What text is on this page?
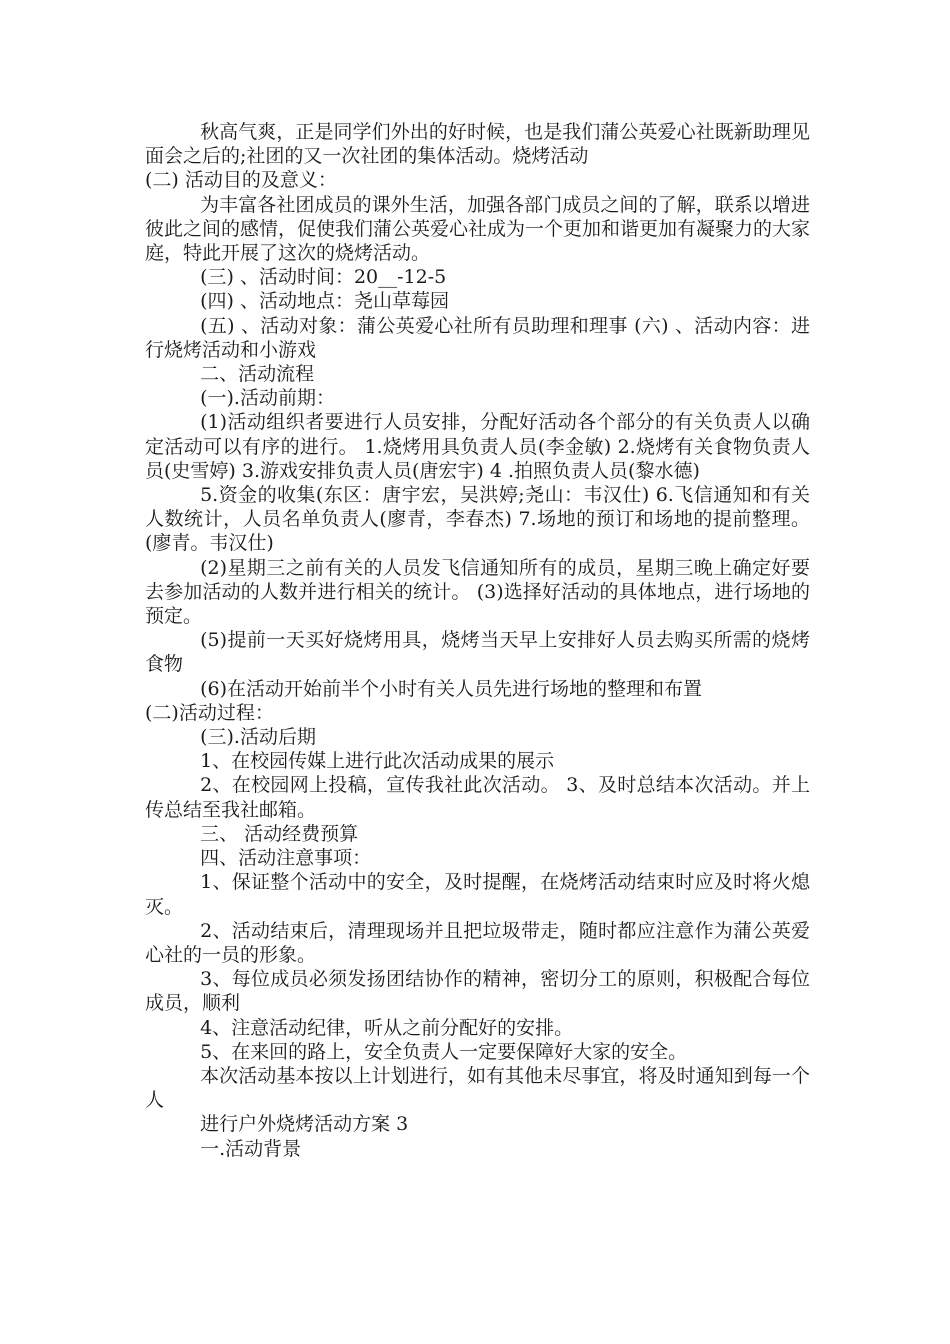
秋高气爽，正是同学们外出的好时候，也是我们蒲公英爱心社既新助理见面会之后的;社团的又一次社团的集体活动。烧烤活动

(二) 活动目的及意义：

为丰富各社团成员的课外生活，加强各部门成员之间的了解，联系以增进彼此之间的感情，促使我们蒲公英爱心社成为一个更加和谐更加有凝聚力的大家庭，特此开展了这次的烧烤活动。

(三) 、活动时间：20__-12-5

(四) 、活动地点：尧山草莓园

(五) 、活动对象：蒲公英爱心社所有员助理和理事 (六) 、活动内容：进行烧烤活动和小游戏

二、活动流程

(一).活动前期：

(1)活动组织者要进行人员安排，分配好活动各个部分的有关负责人以确定活动可以有序的进行。 1.烧烤用具负责人员(李金敏) 2.烧烤有关食物负责人员(史雪婷) 3.游戏安排负责人员(唐宏宇) 4 .拍照负责人员(黎水德)

5.资金的收集(东区：唐宇宏，吴洪婷;尧山：韦汉仕) 6.飞信通知和有关人数统计，人员名单负责人(廖青，李春杰) 7.场地的预订和场地的提前整理。(廖青。韦汉仕)

(2)星期三之前有关的人员发飞信通知所有的成员，星期三晚上确定好要去参加活动的人数并进行相关的统计。 (3)选择好活动的具体地点，进行场地的预定。

(5)提前一天买好烧烤用具，烧烤当天早上安排好人员去购买所需的烧烤食物

(6)在活动开始前半个小时有关人员先进行场地的整理和布置

(二)活动过程：

(三).活动后期

1、在校园传媒上进行此次活动成果的展示

2、在校园网上投稿，宣传我社此次活动。 3、及时总结本次活动。并上传总结至我社邮箱。

三、 活动经费预算

四、活动注意事项：

1、保证整个活动中的安全，及时提醒，在烧烤活动结束时应及时将火熄灭。

2、活动结束后，清理现场并且把垃圾带走，随时都应注意作为蒲公英爱心社的一员的形象。

3、每位成员必须发扬团结协作的精神，密切分工的原则，积极配合每位成员，顺利

4、注意活动纪律，听从之前分配好的安排。

5、在来回的路上，安全负责人一定要保障好大家的安全。

本次活动基本按以上计划进行，如有其他未尽事宜，将及时通知到每一个人

进行户外烧烤活动方案 3

一.活动背景
